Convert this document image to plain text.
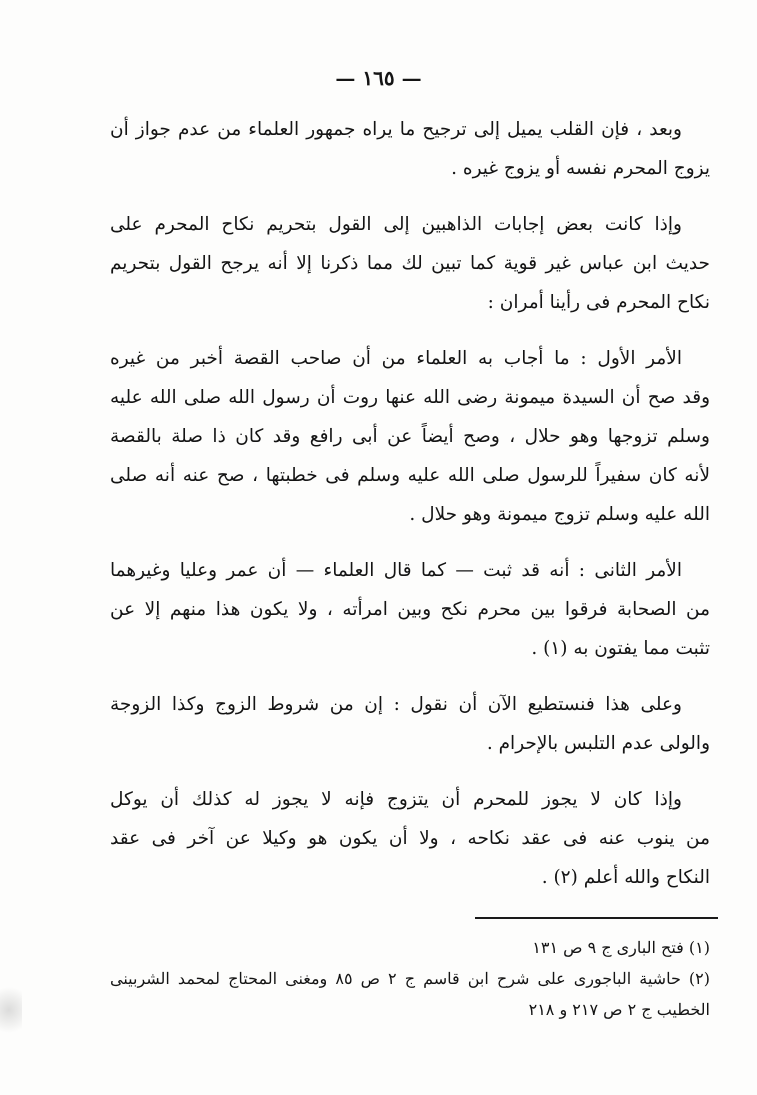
— ١٦٥ —
وبعد ، فإن القلب يميل إلى ترجيح ما يراه جمهور العلماء من عدم جواز أن
يزوج المحرم نفسه أو يزوج غيره .
وإذا كانت بعض إجابات الذاهبين إلى القول بتحريم نكاح المحرم على
حديث ابن عباس غير قوية كما تبين لك مما ذكرنا إلا أنه يرجح القول بتحريم
نكاح المحرم فى رأينا أمران :
الأمر الأول : ما أجاب به العلماء من أن صاحب القصة أخبر من غيره
وقد صح أن السيدة ميمونة رضى الله عنها روت أن رسول الله صلى الله عليه
وسلم تزوجها وهو حلال ، وصح أيضاً عن أبى رافع وقد كان ذا صلة بالقصة
لأنه كان سفيراً للرسول صلى الله عليه وسلم فى خطبتها ، صح عنه أنه صلى
الله عليه وسلم تزوج ميمونة وهو حلال .
الأمر الثانى : أنه قد ثبت — كما قال العلماء — أن عمر وعليا وغيرهما
من الصحابة فرقوا بين محرم نكح وبين امرأته ، ولا يكون هذا منهم إلا عن
تثبت مما يفتون به (١) .
وعلى هذا فنستطيع الآن أن نقول : إن من شروط الزوج وكذا الزوجة
والولى عدم التلبس بالإحرام .
وإذا كان لا يجوز للمحرم أن يتزوج فإنه لا يجوز له كذلك أن يوكل
من ينوب عنه فى عقد نكاحه ، ولا أن يكون هو وكيلا عن آخر فى عقد
النكاح والله أعلم (٢) .
(١) فتح البارى ج ٩ ص ١٣١
(٢) حاشية الباجورى على شرح ابن قاسم ج ٢ ص ٨٥ ومغنى المحتاج لمحمد الشربينى
الخطيب ج ٢ ص ٢١٧ و ٢١٨
